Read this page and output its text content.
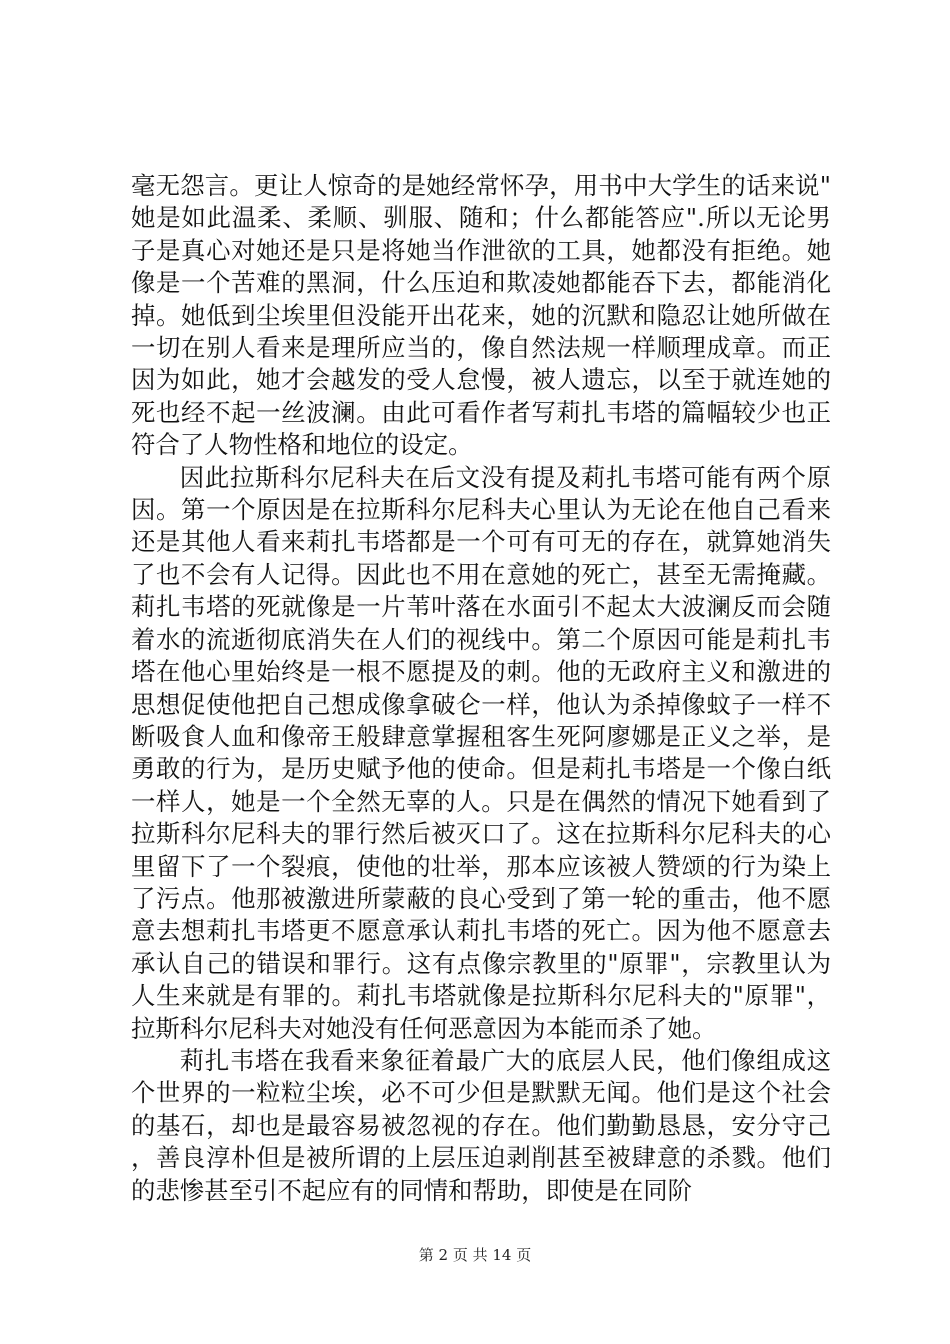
毫无怨言。更让人惊奇的是她经常怀孕，用书中大学生的话来说"她是如此温柔、柔顺、驯服、随和；什么都能答应".所以无论男子是真心对她还是只是将她当作泄欲的工具，她都没有拒绝。她像是一个苦难的黑洞，什么压迫和欺凌她都能吞下去，都能消化掉。她低到尘埃里但没能开出花来，她的沉默和隐忍让她所做在一切在别人看来是理所应当的，像自然法规一样顺理成章。而正因为如此，她才会越发的受人怠慢，被人遗忘，以至于就连她的死也经不起一丝波澜。由此可看作者写莉扎韦塔的篇幅较少也正符合了人物性格和地位的设定。

因此拉斯科尔尼科夫在后文没有提及莉扎韦塔可能有两个原因。第一个原因是在拉斯科尔尼科夫心里认为无论在他自己看来还是其他人看来莉扎韦塔都是一个可有可无的存在，就算她消失了也不会有人记得。因此也不用在意她的死亡，甚至无需掩藏。莉扎韦塔的死就像是一片苇叶落在水面引不起太大波澜反而会随着水的流逝彻底消失在人们的视线中。第二个原因可能是莉扎韦塔在他心里始终是一根不愿提及的刺。他的无政府主义和激进的思想促使他把自己想成像拿破仑一样，他认为杀掉像蚊子一样不断吸食人血和像帝王般肆意掌握租客生死阿廖娜是正义之举，是勇敢的行为，是历史赋予他的使命。但是莉扎韦塔是一个像白纸一样人，她是一个全然无辜的人。只是在偶然的情况下她看到了拉斯科尔尼科夫的罪行然后被灭口了。这在拉斯科尔尼科夫的心里留下了一个裂痕，使他的壮举，那本应该被人赞颂的行为染上了污点。他那被激进所蒙蔽的良心受到了第一轮的重击，他不愿意去想莉扎韦塔更不愿意承认莉扎韦塔的死亡。因为他不愿意去承认自己的错误和罪行。这有点像宗教里的"原罪"，宗教里认为人生来就是有罪的。莉扎韦塔就像是拉斯科尔尼科夫的"原罪"，拉斯科尔尼科夫对她没有任何恶意因为本能而杀了她。

莉扎韦塔在我看来象征着最广大的底层人民，他们像组成这个世界的一粒粒尘埃，必不可少但是默默无闻。他们是这个社会的基石，却也是最容易被忽视的存在。他们勤勤恳恳，安分守己，善良淳朴但是被所谓的上层压迫剥削甚至被肆意的杀戮。他们的悲惨甚至引不起应有的同情和帮助，即使是在同阶

第 2 页 共 14 页
